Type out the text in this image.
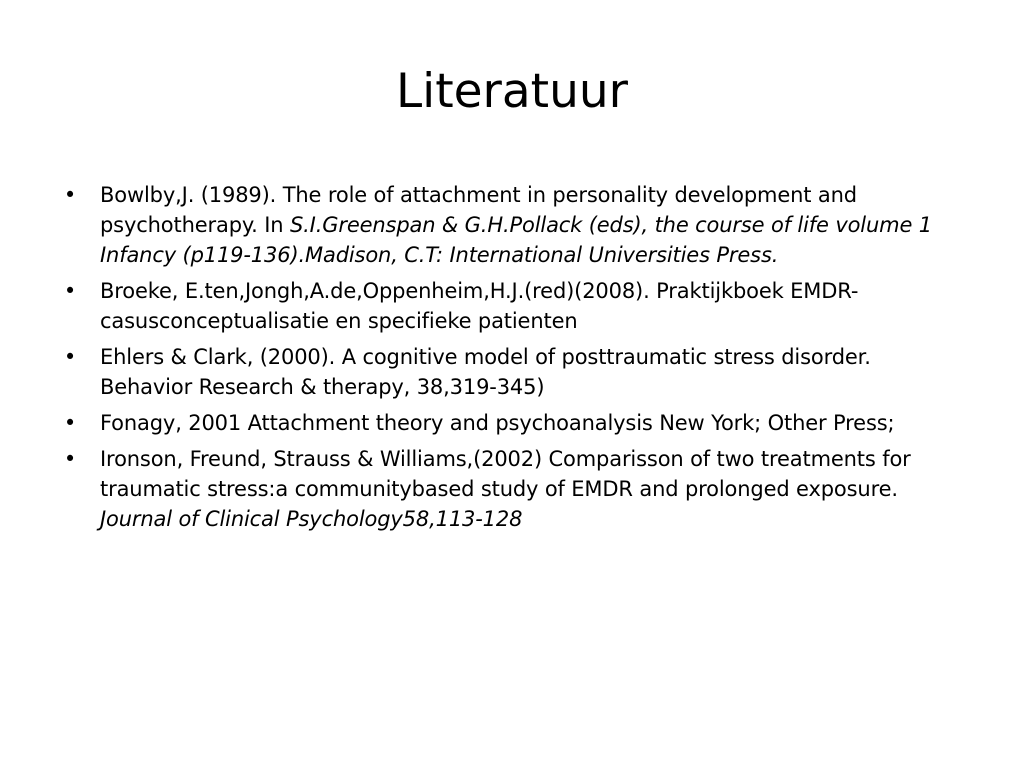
Literatuur
• Bowlby,J. (1989). The role of attachment in personality development and psychotherapy. In S.I.Greenspan & G.H.Pollack (eds), the course of life volume 1 Infancy (p119-136).Madison, C.T: International Universities Press.
• Broeke, E.ten,Jongh,A.de,Oppenheim,H.J.(red)(2008). Praktijkboek EMDR-casusconceptualisatie en specifieke patienten
• Ehlers & Clark, (2000). A cognitive model of posttraumatic stress disorder. Behavior Research & therapy, 38,319-345)
• Fonagy, 2001 Attachment theory and psychoanalysis New York; Other Press;
• Ironson, Freund, Strauss & Williams,(2002) Comparisson of two treatments for traumatic stress:a communitybased study of EMDR and prolonged exposure. Journal of Clinical Psychology58,113-128
